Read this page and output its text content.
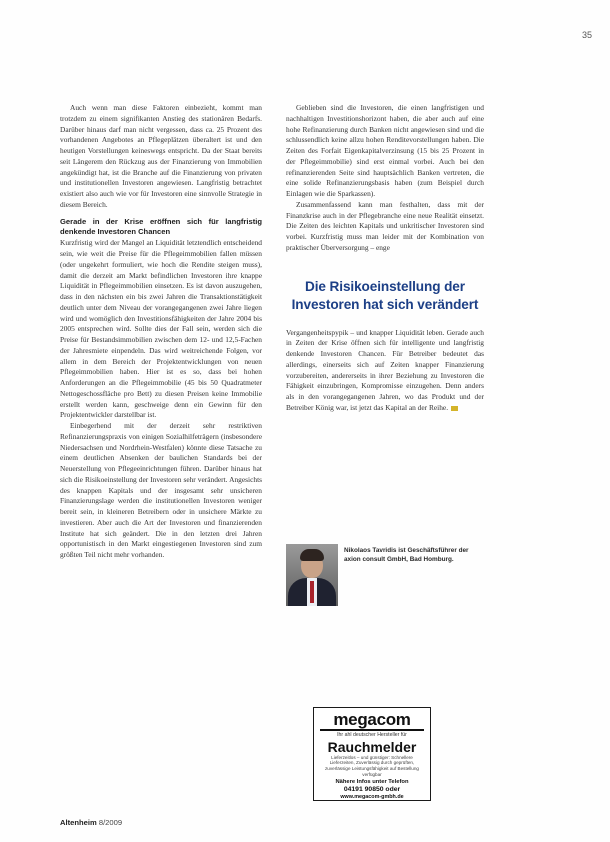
35

Auch wenn man diese Faktoren einbezieht, kommt man trotzdem zu einem signifikanten Anstieg des stationären Bedarfs. Darüber hinaus darf man nicht vergessen, dass ca. 25 Prozent des vorhandenen Angebotes an Pflegeplätzen überaltert ist und den heutigen Vorstellungen keineswegs entspricht. Da der Staat bereits seit Längerem den Rückzug aus der Finanzierung von Immobilien angekündigt hat, ist die Branche auf die Finanzierung von privaten und institutionellen Investoren angewiesen. Langfristig betrachtet existiert also auch wie vor für Investoren eine sinnvolle Strategie in diesem Bereich.

Gerade in der Krise eröffnen sich für langfristig denkende Investoren Chancen

Kurzfristig wird der Mangel an Liquidität letztendlich entscheidend sein, wie weit die Preise für die Pflegeimmobilien fallen müssen (oder ungekehrt formuliert, wie hoch die Rendite steigen muss), damit die derzeit am Markt befindlichen Investoren ihre knappe Liquidität in Pflegeimmobilien einsetzen. Es ist davon auszugehen, dass in den nächsten ein bis zwei Jahren die Transaktionstätigkeit deutlich unter dem Niveau der vorangegangenen zwei Jahre liegen wird und womöglich den Investitionsfähigkeiten der Jahre 2004 bis 2005 entsprechen wird. Sollte dies der Fall sein, werden sich die Preise für Bestandsimmobilien zwischen dem 12- und 12,5-Fachen der Jahresmiete einpendeln. Das wird weitreichende Folgen, vor allem in dem Bereich der Projektentwicklungen von neuen Pflegeimmobilien haben. Hier ist es so, dass bei hohen Anforderungen an die Pflegeimmobilie (45 bis 50 Quadratmeter Nettogeschossfläche pro Bett) zu diesen Preisen keine Immobilie erstellt werden kann, geschweige denn ein Gewinn für den Projektentwickler darstellbar ist.

Einbegerhend mit der derzeit sehr restriktiven Refinanzierungspraxis von einigen Sozialhilfeträgern (insbesondere Niedersachsen und Nordrhein-Westfalen) könnte diese Tatsache zu einem deutlichen Absenken der baulichen Standards bei der Neuerstellung von Pflegeeinrichtungen führen. Darüber hinaus hat sich die Risikoeinstellung der Investoren sehr verändert. Angesichts des knappen Kapitals und der insgesamt sehr unsicheren Finanzierungslage werden die institutionellen Investoren weniger bereit sein, in kleineren Betreibern oder in unsichere Märkte zu investieren. Aber auch die Art der Investoren und finanzierenden Institute hat sich geändert. Die in den letzten drei Jahren opportunistisch in den Markt eingestiegenen Investoren sind zum größten Teil nicht mehr vorhanden.

Geblieben sind die Investoren, die einen langfristigen und nachhaltigen Investitionshorizont haben, die aber auch auf eine hohe Refinanzierung durch Banken nicht angewiesen sind und die schlussendlich keine allzu hohen Renditevorstellungen haben. Die Zeiten des Forfait Eigenkapitalverzinsung (15 bis 25 Prozent in der Pflegeimmobilie) sind erst einmal vorbei. Auch bei den refinanzierenden Seite sind hauptsächlich Banken vertreten, die eine solide Refinanzierungsbasis haben (zum Beispiel durch Einlagen wie die Sparkassen).

Zusammenfassend kann man festhalten, dass mit der Finanzkrise auch in der Pflegebranche eine neue Realität einsetzt. Die Zeiten des leichten Kapitals und unkritischer Investoren sind vorbei. Kurzfristig muss man leider mit der Kombination von praktischer Überversorgung – enge

Die Risikoeinstellung der Investoren hat sich verändert

Vergangenheitspypik – und knapper Liquidität leben. Gerade auch in Zeiten der Krise öffnen sich für intelligente und langfristig denkende Investoren Chancen. Für Betreiber bedeutet das allerdings, einerseits sich auf Zeiten knapper Finanzierung vorzubereiten, andererseits in ihrer Beziehung zu Investoren die Fähigkeit einzubringen, Kompromisse einzugehen. Denn anders als in den vorangegangenen Jahren, wo das Produkt und der Betreiber König war, ist jetzt das Kapital an der Reihe.

Nikolaos Tavridis ist Geschäftsführer der axion consult GmbH, Bad Homburg.
megacom
Ihr ahl deutscher Hersteller für
Rauchmelder
Lieferzeitlos – und günstiger: Schnellere Lieferzeiten, Zuverlässig durch geprüften, zuverlässige Leistungsfähigkeit auf Bestellung verfügbar
Nähere Infos unter Telefon
04191 90850 oder
www.megacom-gmbh.de
Altenheim 8/2009
